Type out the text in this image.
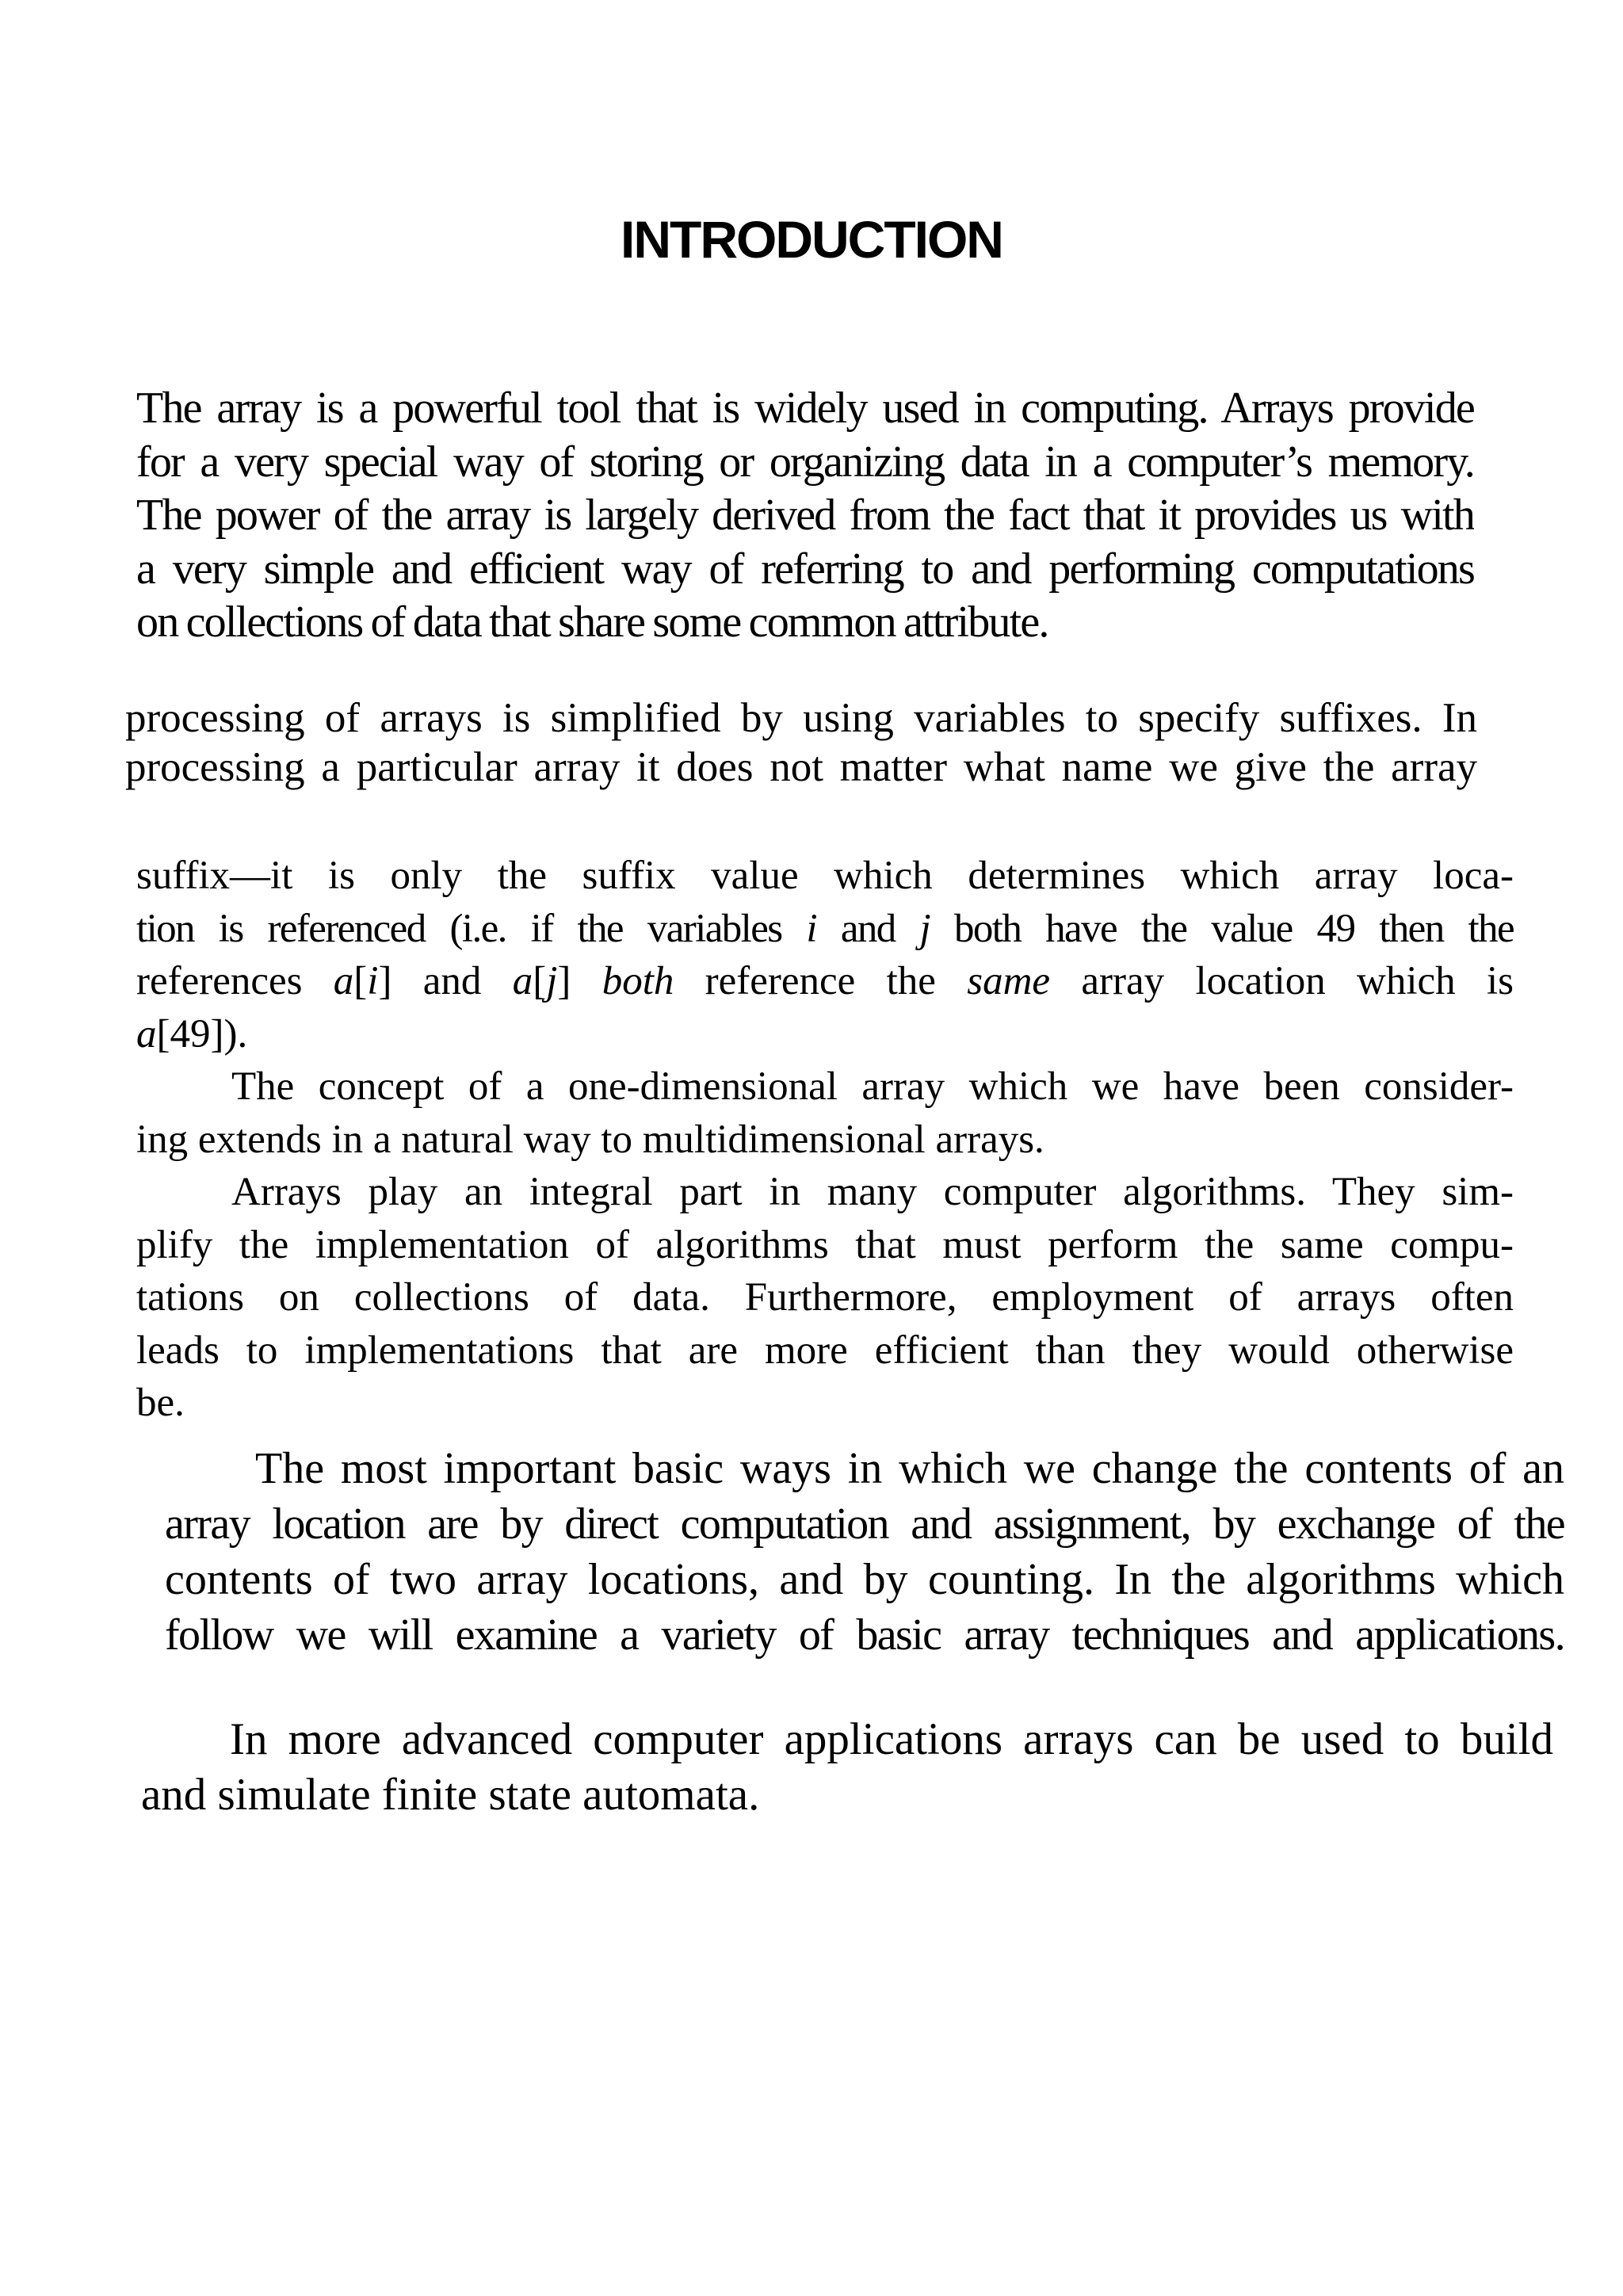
INTRODUCTION
The array is a powerful tool that is widely used in computing. Arrays provide
for a very special way of storing or organizing data in a computer’s memory.
The power of the array is largely derived from the fact that it provides us with
a very simple and efficient way of referring to and performing computations
on collections of data that share some common attribute.
processing of arrays is simplified by using variables to specify suffixes. In
processing a particular array it does not matter what name we give the array
suffix—it is only the suffix value which determines which array loca-
tion is referenced (i.e. if the variables i and j both have the value 49 then the
references a[i] and a[j] both reference the same array location which is
a[49]).
The concept of a one-dimensional array which we have been consider-
ing extends in a natural way to multidimensional arrays.
Arrays play an integral part in many computer algorithms. They sim-
plify the implementation of algorithms that must perform the same compu-
tations on collections of data. Furthermore, employment of arrays often
leads to implementations that are more efficient than they would otherwise
be.
The most important basic ways in which we change the contents of an
array location are by direct computation and assignment, by exchange of the
contents of two array locations, and by counting. In the algorithms which
follow we will examine a variety of basic array techniques and applications.
In more advanced computer applications arrays can be used to build
and simulate finite state automata.
